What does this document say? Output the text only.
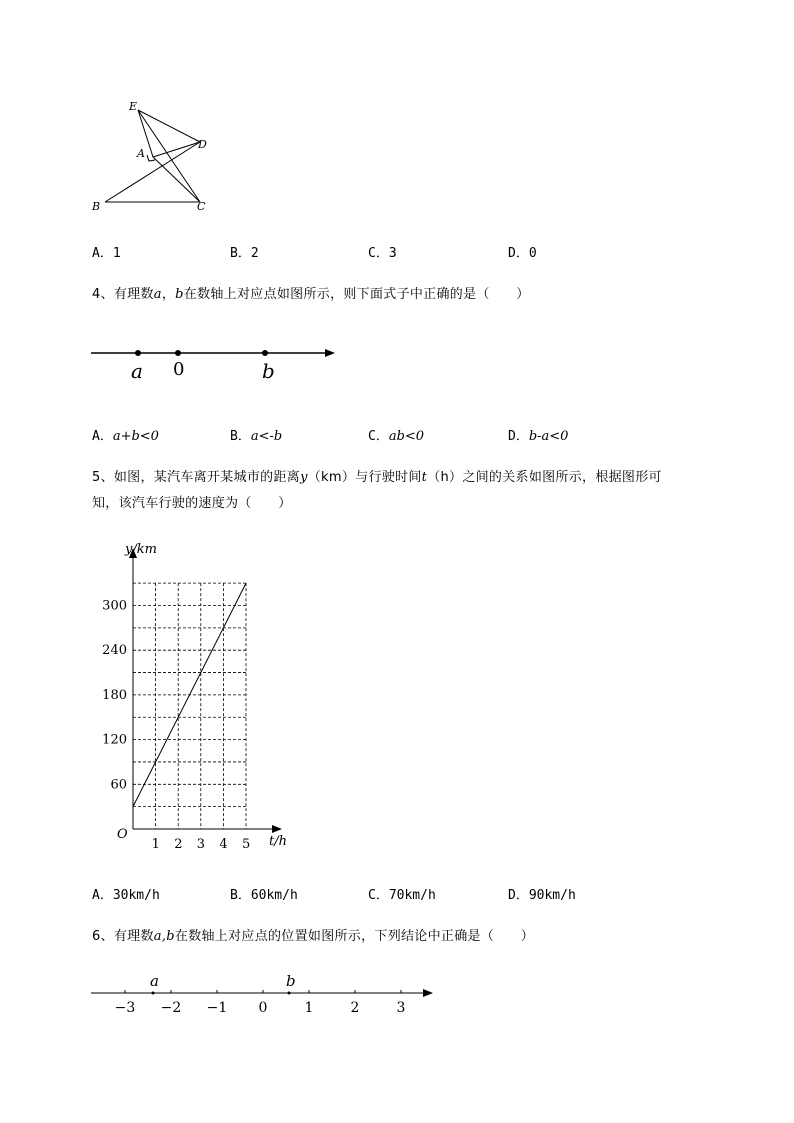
E
A
D
B	C
A．1	B．2	C．3	D．0
4、有理数a，b在数轴上对应点如图所示，则下面式子中正确的是（　　）
a 0	b
A．a+b<0	B．a<-b	C．ab<0	D．b-a<0
5、如图，某汽车离开某城市的距离y（km）与行驶时间t（h）之间的关系如图所示，根据图形可
知，该汽车行驶的速度为（　　）
1 2 3 4 5
60
120
180
240
300
y/km
t/h
O
A．30km/h	B．60km/h	C．70km/h	D．90km/h
6、有理数a,b在数轴上对应点的位置如图所示，下列结论中正确是（　　）
−3 −2 −1 0	1	2	3
a	b
